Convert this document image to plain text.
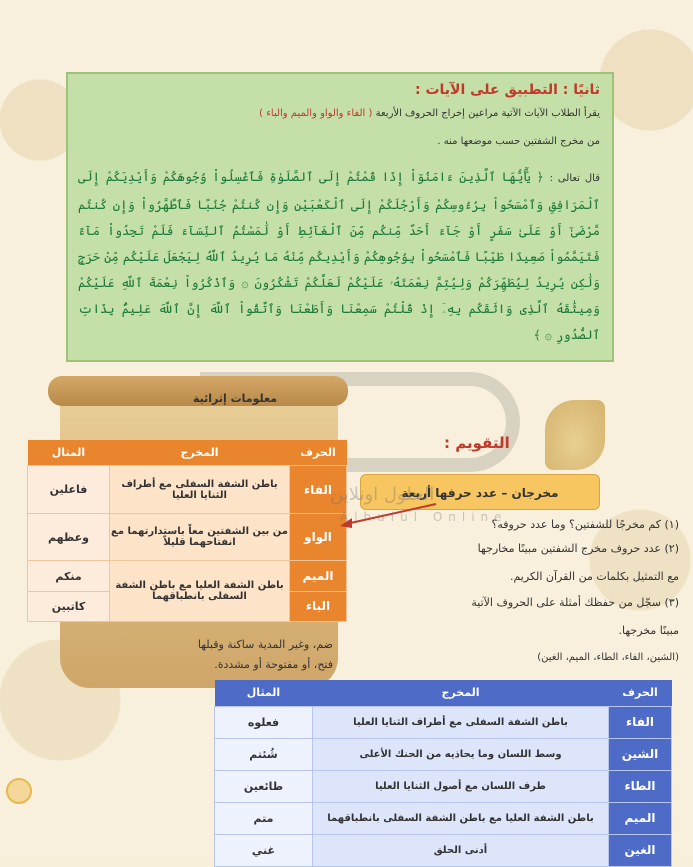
ثانيًا : التطبيق على الآيات :
يقرأ الطلاب الآيات الآتية مراعين إخراج الحروف الأربعة ( الفاء والواو والميم والباء )
من مخرج الشفتين حسب موضعها منه .
قال تعالى : ﴿ يَٰٓأَيُّهَا ٱلَّذِينَ ءَامَنُوٓاْ إِذَا قُمْتُمْ إِلَى ٱلصَّلَوٰةِ فَٱغْسِلُواْ وُجُوهَكُمْ وَأَيْدِيَكُمْ إِلَى ٱلْمَرَافِقِ وَٱمْسَحُواْ بِرُءُوسِكُمْ وَأَرْجُلَكُمْ إِلَى ٱلْكَعْبَيْنِ وَإِن كُنتُمْ جُنُبًا فَٱطَّهَّرُواْ وَإِن كُنتُم مَّرْضَىٰٓ أَوْ عَلَىٰ سَفَرٍ أَوْ جَآءَ أَحَدٌ مِّنكُم مِّنَ ٱلْغَآئِطِ أَوْ لَٰمَسْتُمُ ٱلنِّسَآءَ فَلَمْ تَجِدُواْ مَآءً فَتَيَمَّمُواْ صَعِيدًا طَيِّبًا فَٱمْسَحُواْ بِوُجُوهِكُمْ وَأَيْدِيكُم مِّنْهُ مَا يُرِيدُ ٱللَّهُ لِيَجْعَلَ عَلَيْكُم مِّنْ حَرَجٍ وَلَٰكِن يُرِيدُ لِيُطَهِّرَكُمْ وَلِيُتِمَّ نِعْمَتَهُۥ عَلَيْكُمْ لَعَلَّكُمْ تَشْكُرُونَ ۞ وَٱذْكُرُواْ نِعْمَةَ ٱللَّهِ عَلَيْكُمْ وَمِيثَٰقَهُ ٱلَّذِى وَاثَقَكُم بِهِۦٓ إِذْ قُلْتُمْ سَمِعْنَا وَأَطَعْنَا وَٱتَّقُواْ ٱللَّهَ إِنَّ ٱللَّهَ عَلِيمٌۢ بِذَاتِ ٱلصُّدُورِ ۞ ﴾
معلومات إثرائية
ضم، وغير المدية ساكنة وقبلها
فتح، أو مفتوحة أو مشددة.
الحرف	المخرج	المثال
الفاء	باطن الشفة السفلى مع أطراف الثنايا العليا	فاعلين
الواو	من بين الشفتين معاً باستدارتهما مع انفتاحهما قليلاً	وعظهم
الميم	باطن الشفة العليا مع باطن الشفة السفلى بانطباقهما	منكم
الباء		كاتبين
التقويم :
مخرجان – عدد حرفها أربعة
(١) كم مخرجًا للشفتين؟ وما عدد حروفه؟
(٢) عدد حروف مخرج الشفتين مبينًا مخارجها
مع التمثيل بكلمات من القرآن الكريم.
(٣) سجّل من حفظك أمثلة على الحروف الآتية
مبينًا مخرجها.
(الشين، الفاء، الطاء، الميم، الغين)
الحلول اونلاين
Alhulul Online
الحرف	المخرج	المثال
الفاء	باطن الشفة السفلى مع أطراف الثنايا العليا	فعلوه
الشين	وسط اللسان وما يحاذيه من الحنك الأعلى	شُئتم
الطاء	طرف اللسان مع أصول الثنايا العليا	طائعين
الميم	باطن الشفة العليا مع باطن الشفة السفلى بانطباقهما	متم
الغين	أدنى الحلق	غني
